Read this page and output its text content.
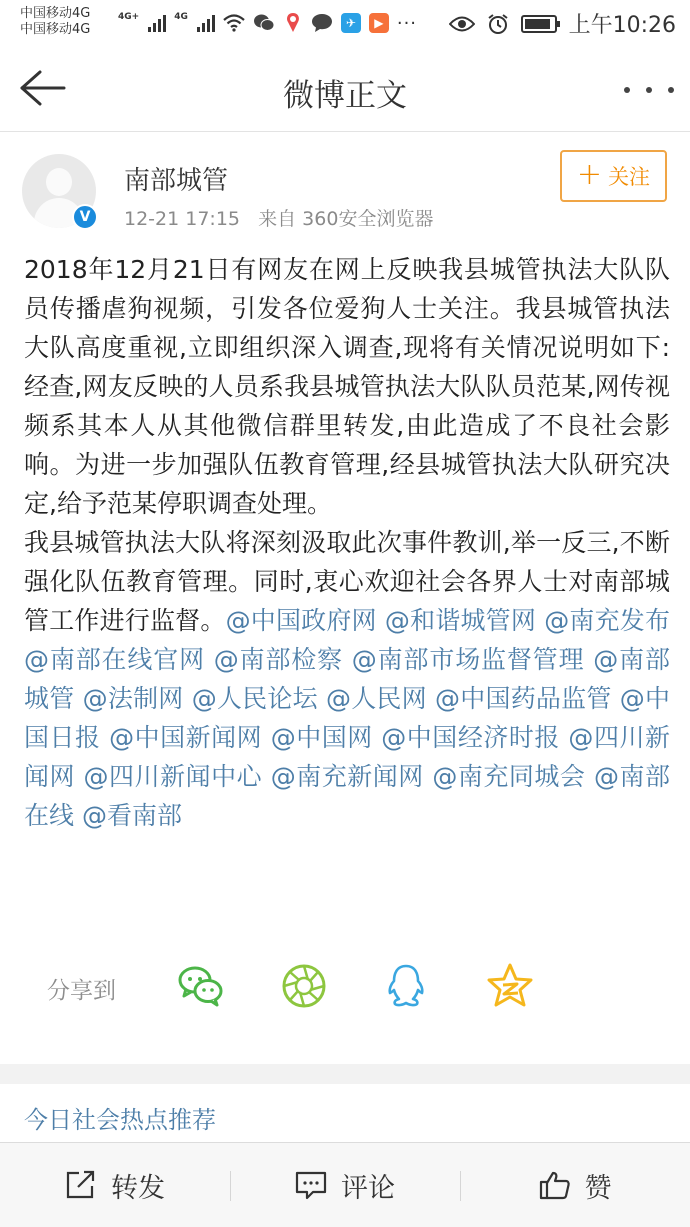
中国移动4G
中国移动4G
4G+	4G	✈	▶ ···	上午10:26
微博正文
V
南部城管
12-21 17:15 来自 360安全浏览器
+ 关注

2018年12月21日有网友在网上反映我县城管执法大队队员传播虐狗视频，引发各位爱狗人士关注。我县城管执法大队高度重视,立即组织深入调查,现将有关情况说明如下:经查,网友反映的人员系我县城管执法大队队员范某,网传视频系其本人从其他微信群里转发,由此造成了不良社会影响。为进一步加强队伍教育管理,经县城管执法大队研究决定,给予范某停职调查处理。

我县城管执法大队将深刻汲取此次事件教训,举一反三,不断强化队伍教育管理。同时,衷心欢迎社会各界人士对南部城管工作进行监督。@中国政府网 @和谐城管网 @南充发布 @南部在线官网 @南部检察 @南部市场监督管理 @南部城管 @法制网 @人民论坛 @人民网 @中国药品监管 @中国日报 @中国新闻网 @中国网 @中国经济时报 @四川新闻网 @四川新闻中心 @南充新闻网 @南充同城会 @南部在线 @看南部

分享到
今日社会热点推荐
转发	评论	赞
